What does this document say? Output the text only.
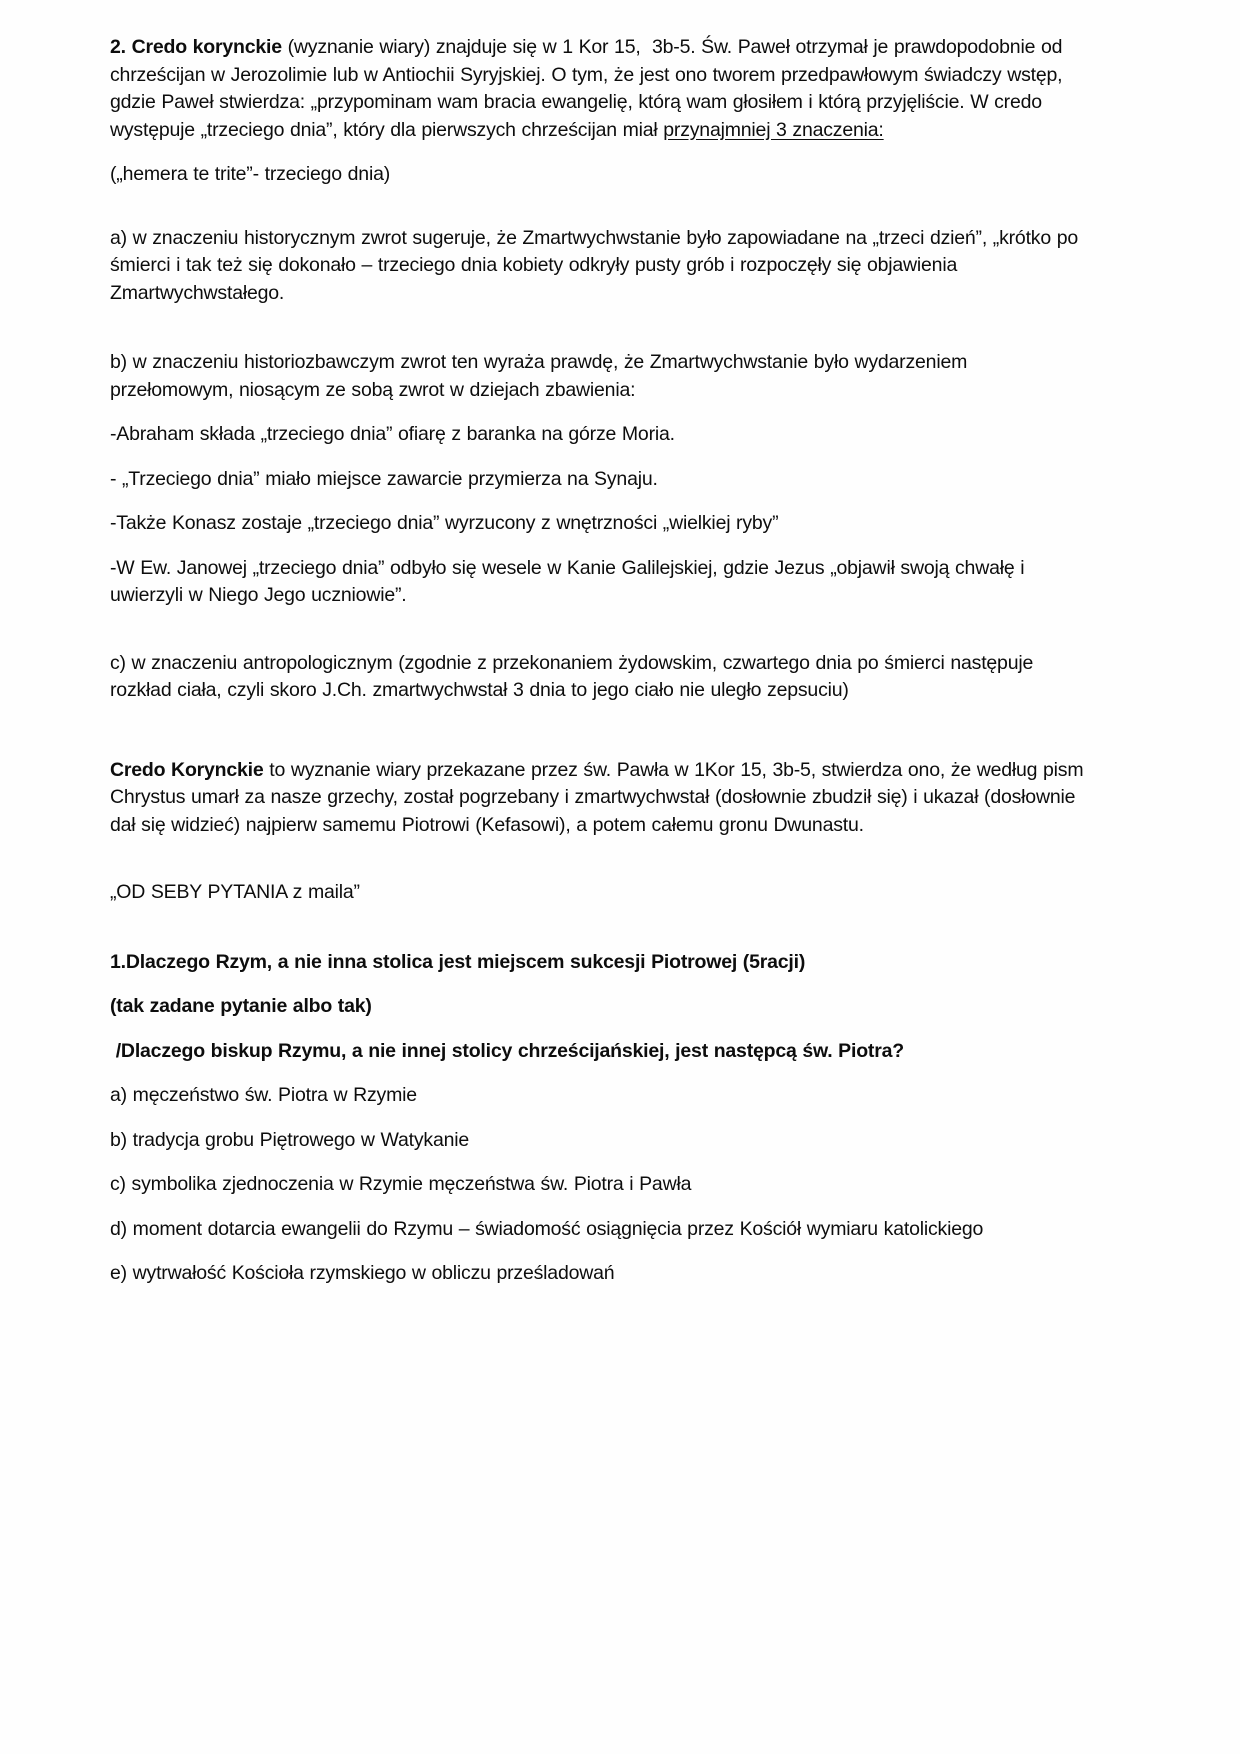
2. Credo korynckie (wyznanie wiary) znajduje się w 1 Kor 15,  3b-5. Św. Paweł otrzymał je prawdopodobnie od chrześcijan w Jerozolimie lub w Antiochii Syryjskiej. O tym, że jest ono tworem przedpawłowym świadczy wstęp, gdzie Paweł stwierdza: „przypominam wam bracia ewangelię, którą wam głosiłem i którą przyjęliście. W credo występuje „trzeciego dnia”, który dla pierwszych chrześcijan miał przynajmniej 3 znaczenia:

(„hemera te trite”- trzeciego dnia)

a) w znaczeniu historycznym zwrot sugeruje, że Zmartwychwstanie było zapowiadane na „trzeci dzień”, „krótko po śmierci i tak też się dokonało – trzeciego dnia kobiety odkryły pusty grób i rozpoczęły się objawienia Zmartwychwstałego.

b) w znaczeniu historiozbawczym zwrot ten wyraża prawdę, że Zmartwychwstanie było wydarzeniem przełomowym, niosącym ze sobą zwrot w dziejach zbawienia:

-Abraham składa „trzeciego dnia” ofiarę z baranka na górze Moria.

- „Trzeciego dnia” miało miejsce zawarcie przymierza na Synaju.

-Także Konasz zostaje „trzeciego dnia” wyrzucony z wnętrzności „wielkiej ryby”

-W Ew. Janowej „trzeciego dnia” odbyło się wesele w Kanie Galilejskiej, gdzie Jezus „objawił swoją chwałę i uwierzyli w Niego Jego uczniowie”.

c) w znaczeniu antropologicznym (zgodnie z przekonaniem żydowskim, czwartego dnia po śmierci następuje rozkład ciała, czyli skoro J.Ch. zmartwychwstał 3 dnia to jego ciało nie uległo zepsuciu)

Credo Korynckie to wyznanie wiary przekazane przez św. Pawła w 1Kor 15, 3b-5, stwierdza ono, że według pism Chrystus umarł za nasze grzechy, został pogrzebany i zmartwychwstał (dosłownie zbudził się) i ukazał (dosłownie dał się widzieć) najpierw samemu Piotrowi (Kefasowi), a potem całemu gronu Dwunastu.

„OD SEBY PYTANIA z maila”

1.Dlaczego Rzym, a nie inna stolica jest miejscem sukcesji Piotrowej (5racji)

(tak zadane pytanie albo tak)

/Dlaczego biskup Rzymu, a nie innej stolicy chrześcijańskiej, jest następcą św. Piotra?

a) męczeństwo św. Piotra w Rzymie

b) tradycja grobu Piętrowego w Watykanie

c) symbolika zjednoczenia w Rzymie męczeństwa św. Piotra i Pawła

d) moment dotarcia ewangelii do Rzymu – świadomość osiągnięcia przez Kościół wymiaru katolickiego

e) wytrwałość Kościoła rzymskiego w obliczu prześladowań
